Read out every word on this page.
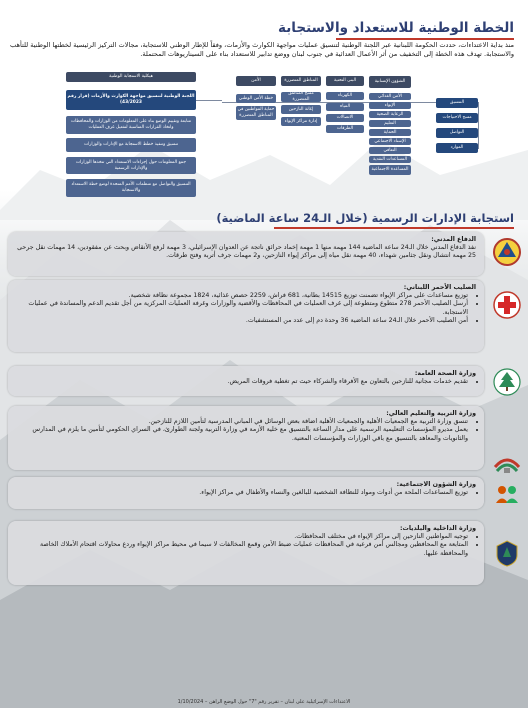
الخطة الوطنية للاستعداد والاستجابة
منذ بداية الاعتداءات، حددت الحكومة اللبنانية عبر اللجنة الوطنية لتنسيق عمليات مواجهة الكوارث والأزمات، وفقاً للإطار الوطني للاستجابة، مجالات التركيز الرئيسية لخطتها الوطنية للتأهب والاستجابة. تهدف هذه الخطة إلى التخفيف من أثر الأعمال العدائية في جنوب لبنان ووضع تدابير للاستعداد بناء على السيناريوهات المحتملة.
هيكلية الاستجابة الوطنية
اللجنة الوطنية لتنسيق مواجهة الكوارث والأزمات (قرار رقم 43/2023)
متابعة وتقييم الوضع بناء على المعلومات من الوزارات والمحافظات واتخاذ القرارات المناسبة لتفعيل غرف العمليات
تنسيق وتنفيذ خطط الاستجابة مع الإدارات والوزارات
جمع المعلومات حول إجراءات الاستعداد التي تتخذها الوزارات والإدارات الرسمية
التنسيق والتواصل مع منظمات الأمم المتحدة لوضع خطة الاستعداد والاستجابة
الأمن
خطة الأمن الوطني
حماية المواطنين في المناطق المتضررة
المناطق المتضررة
مسح المناطق المتضررة
إغاثة النازحين
إدارة مراكز الإيواء
البنى التحتية
الكهرباء
المياه
الاتصالات
الطرقات
الشؤون الإنسانية
الأمن الغذائي
الإيواء
الرعاية الصحية
التعليم
الحماية
الإسناد الاجتماعي
التعافي
المساعدات النقدية
المساعدة الاجتماعية
التنسيق
مسح الاحتياجات
التواصل
الموارد
استجابة الإدارات الرسمية (خلال الـ24 ساعة الماضية)
الدفاع المدني:
نفذ الدفاع المدني خلال الـ24 ساعة الماضية 144 مهمة منها 1 مهمة إخماد حرائق ناتجة عن العدوان الإسرائيلي، 3 مهمة لرفع الأنقاض وبحث عن مفقودين، 14 مهمات نقل جرحى 25 مهمة انتشال ونقل جثامين شهداء، 40 مهمة نقل مياه إلى مراكز إيواء النازحين، و2 مهمات جرف أتربة وفتح طرقات.
الصليب الأحمر اللبناني:
• توزيع مساعدات على مراكز الإيواء تضمنت توزيع 14515 بطانية، 681 فراش، 2259 حصص غذائية، 1824 مجموعة نظافة شخصية.
• أرسل الصليب الأحمر 278 متطوع ومتطوعة إلى غرف العمليات في المحافظات والأقضية والوزارات وغرفة العمليات المركزية من أجل تقديم الدعم والمساندة في عمليات الاستجابة.
• أمن الصليب الأحمر خلال الـ24 ساعة الماضية 36 وحدة دم إلى عدد من المستشفيات.
وزارة الصحة العامة:
• تقديم خدمات مجانية للنازحين بالتعاون مع الأفرقاء والشركاء حيث تم تغطية فروقات المريض.
وزارة التربية والتعليم العالي:
• تنسق وزارة التربية مع الجمعيات الأهلية والجمعيات الأهلية اضافة بعض الوسائل في المباني المدرسية لتأمين اللازم للنازحين.
• يعمل مديرو المؤسسات التعليمية الرسمية على مدار الساعة بالتنسيق مع خلية الأزمة في وزارة التربية ولجنة الطوارئ، في السراي الحكومي لتأمين ما يلزم في المدارس والثانويات والمعاهد بالتنسيق مع باقي الوزارات والمؤسسات المعنية.
وزارة الشؤون الاجتماعية:
• توزيع المساعدات الملحة من أدوات ومواد للنظافة الشخصية للبالغين والنساء والأطفال في مراكز الإيواء.
وزارة الداخلية والبلديات:
• توجيه المواطنين النازحين إلى مراكز الإيواء في مختلف المحافظات.
• المتابعة مع المحافظين ومجالس أمن فرعية في المحافظات عمليات ضبط الأمن وقمع المخالفات لا سيما في محيط مراكز الإيواء وردع محاولات اقتحام الأملاك الخاصة والمحافظة عليها.
الاعتداءات الإسرائيلية على لبنان – تقرير رقم "7" حول الوضع الراهن – 1/10/2024
